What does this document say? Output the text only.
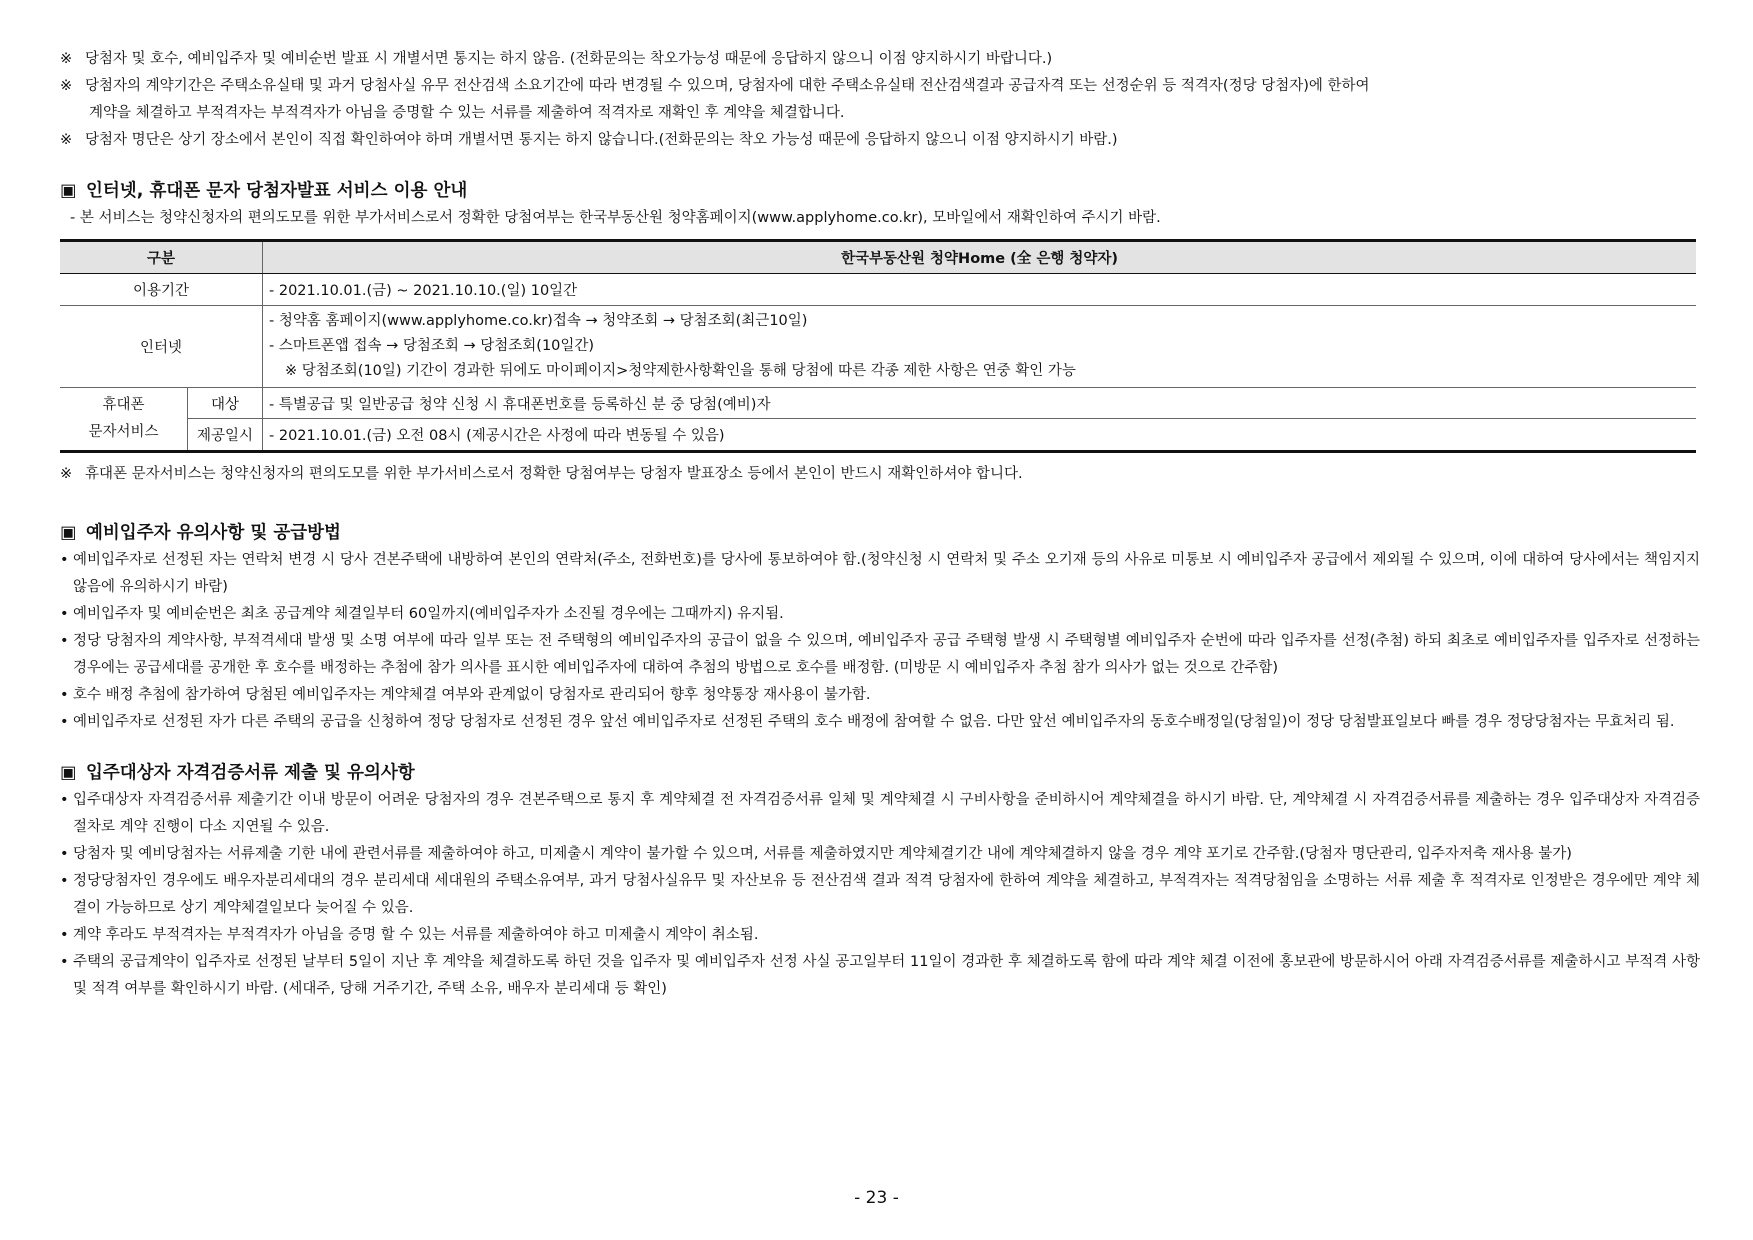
※ 당첨자 및 호수, 예비입주자 및 예비순번 발표 시 개별서면 통지는 하지 않음. (전화문의는 착오가능성 때문에 응답하지 않으니 이점 양지하시기 바랍니다.)
※ 당첨자의 계약기간은 주택소유실태 및 과거 당첨사실 유무 전산검색 소요기간에 따라 변경될 수 있으며, 당첨자에 대한 주택소유실태 전산검색결과 공급자격 또는 선정순위 등 적격자(정당 당첨자)에 한하여
계약을 체결하고 부적격자는 부적격자가 아님을 증명할 수 있는 서류를 제출하여 적격자로 재확인 후 계약을 체결합니다.
※ 당첨자 명단은 상기 장소에서 본인이 직접 확인하여야 하며 개별서면 통지는 하지 않습니다.(전화문의는 착오 가능성 때문에 응답하지 않으니 이점 양지하시기 바람.)
▣ 인터넷, 휴대폰 문자 당첨자발표 서비스 이용 안내
- 본 서비스는 청약신청자의 편의도모를 위한 부가서비스로서 정확한 당첨여부는 한국부동산원 청약홈페이지(www.applyhome.co.kr), 모바일에서 재확인하여 주시기 바람.
구분		한국부동산원 청약Home (全 은행 청약자)
이용기간		- 2021.10.01.(금) ~ 2021.10.10.(일) 10일간
인터넷		- 청약홈 홈페이지(www.applyhome.co.kr)접속 → 청약조회 → 당첨조회(최근10일)
- 스마트폰앱 접속 → 당첨조회 → 당첨조회(10일간)
※ 당첨조회(10일) 기간이 경과한 뒤에도 마이페이지>청약제한사항확인을 통해 당첨에 따른 각종 제한 사항은 연중 확인 가능

휴대폰
문자서비스	대상	- 특별공급 및 일반공급 청약 신청 시 휴대폰번호를 등록하신 분 중 당첨(예비)자
	제공일시	- 2021.10.01.(금) 오전 08시 (제공시간은 사정에 따라 변동될 수 있음)
※ 휴대폰 문자서비스는 청약신청자의 편의도모를 위한 부가서비스로서 정확한 당첨여부는 당첨자 발표장소 등에서 본인이 반드시 재확인하셔야 합니다.
▣ 예비입주자 유의사항 및 공급방법
• 예비입주자로 선정된 자는 연락처 변경 시 당사 견본주택에 내방하여 본인의 연락처(주소, 전화번호)를 당사에 통보하여야 함.(청약신청 시 연락처 및 주소 오기재 등의 사유로 미통보 시 예비입주자 공급에서 제외될 수 있으며, 이에 대하여 당사에서는 책임지지 않음에 유의하시기 바람)
• 예비입주자 및 예비순번은 최초 공급계약 체결일부터 60일까지(예비입주자가 소진될 경우에는 그때까지) 유지됨.
• 정당 당첨자의 계약사항, 부적격세대 발생 및 소명 여부에 따라 일부 또는 전 주택형의 예비입주자의 공급이 없을 수 있으며, 예비입주자 공급 주택형 발생 시 주택형별 예비입주자 순번에 따라 입주자를 선정(추첨) 하되 최초로 예비입주자를 입주자로 선정하는 경우에는 공급세대를 공개한 후 호수를 배정하는 추첨에 참가 의사를 표시한 예비입주자에 대하여 추첨의 방법으로 호수를 배정함. (미방문 시 예비입주자 추첨 참가 의사가 없는 것으로 간주함)
• 호수 배정 추첨에 참가하여 당첨된 예비입주자는 계약체결 여부와 관계없이 당첨자로 관리되어 향후 청약통장 재사용이 불가함.
• 예비입주자로 선정된 자가 다른 주택의 공급을 신청하여 정당 당첨자로 선정된 경우 앞선 예비입주자로 선정된 주택의 호수 배정에 참여할 수 없음. 다만 앞선 예비입주자의 동호수배정일(당첨일)이 정당 당첨발표일보다 빠를 경우 정당당첨자는 무효처리 됨.
▣ 입주대상자 자격검증서류 제출 및 유의사항
• 입주대상자 자격검증서류 제출기간 이내 방문이 어려운 당첨자의 경우 견본주택으로 통지 후 계약체결 전 자격검증서류 일체 및 계약체결 시 구비사항을 준비하시어 계약체결을 하시기 바람. 단, 계약체결 시 자격검증서류를 제출하는 경우 입주대상자 자격검증절차로 계약 진행이 다소 지연될 수 있음.
• 당첨자 및 예비당첨자는 서류제출 기한 내에 관련서류를 제출하여야 하고, 미제출시 계약이 불가할 수 있으며, 서류를 제출하였지만 계약체결기간 내에 계약체결하지 않을 경우 계약 포기로 간주함.(당첨자 명단관리, 입주자저축 재사용 불가)
• 정당당첨자인 경우에도 배우자분리세대의 경우 분리세대 세대원의 주택소유여부, 과거 당첨사실유무 및 자산보유 등 전산검색 결과 적격 당첨자에 한하여 계약을 체결하고, 부적격자는 적격당첨임을 소명하는 서류 제출 후 적격자로 인정받은 경우에만 계약 체결이 가능하므로 상기 계약체결일보다 늦어질 수 있음.
• 계약 후라도 부적격자는 부적격자가 아님을 증명 할 수 있는 서류를 제출하여야 하고 미제출시 계약이 취소됨.
• 주택의 공급계약이 입주자로 선정된 날부터 5일이 지난 후 계약을 체결하도록 하던 것을 입주자 및 예비입주자 선정 사실 공고일부터 11일이 경과한 후 체결하도록 함에 따라 계약 체결 이전에 홍보관에 방문하시어 아래 자격검증서류를 제출하시고 부적격 사항 및 적격 여부를 확인하시기 바람. (세대주, 당해 거주기간, 주택 소유, 배우자 분리세대 등 확인)
- 23 -
